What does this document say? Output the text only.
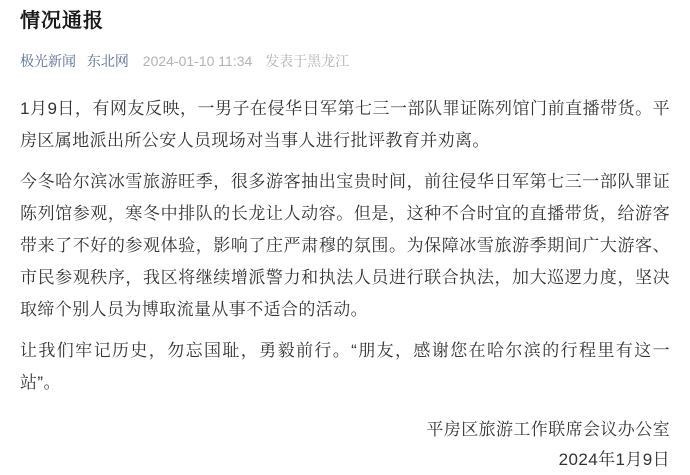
情况通报
极光新闻 东北网 2024-01-10 11:34 发表于黑龙江

1月9日，有网友反映，一男子在侵华日军第七三一部队罪证陈列馆门前直播带货。平房区属地派出所公安人员现场对当事人进行批评教育并劝离。

今冬哈尔滨冰雪旅游旺季，很多游客抽出宝贵时间，前往侵华日军第七三一部队罪证陈列馆参观，寒冬中排队的长龙让人动容。但是，这种不合时宜的直播带货，给游客带来了不好的参观体验，影响了庄严肃穆的氛围。为保障冰雪旅游季期间广大游客、市民参观秩序，我区将继续增派警力和执法人员进行联合执法，加大巡逻力度，坚决取缔个别人员为博取流量从事不适合的活动。

让我们牢记历史，勿忘国耻，勇毅前行。“朋友，感谢您在哈尔滨的行程里有这一站”。

平房区旅游工作联席会议办公室
2024年1月9日
